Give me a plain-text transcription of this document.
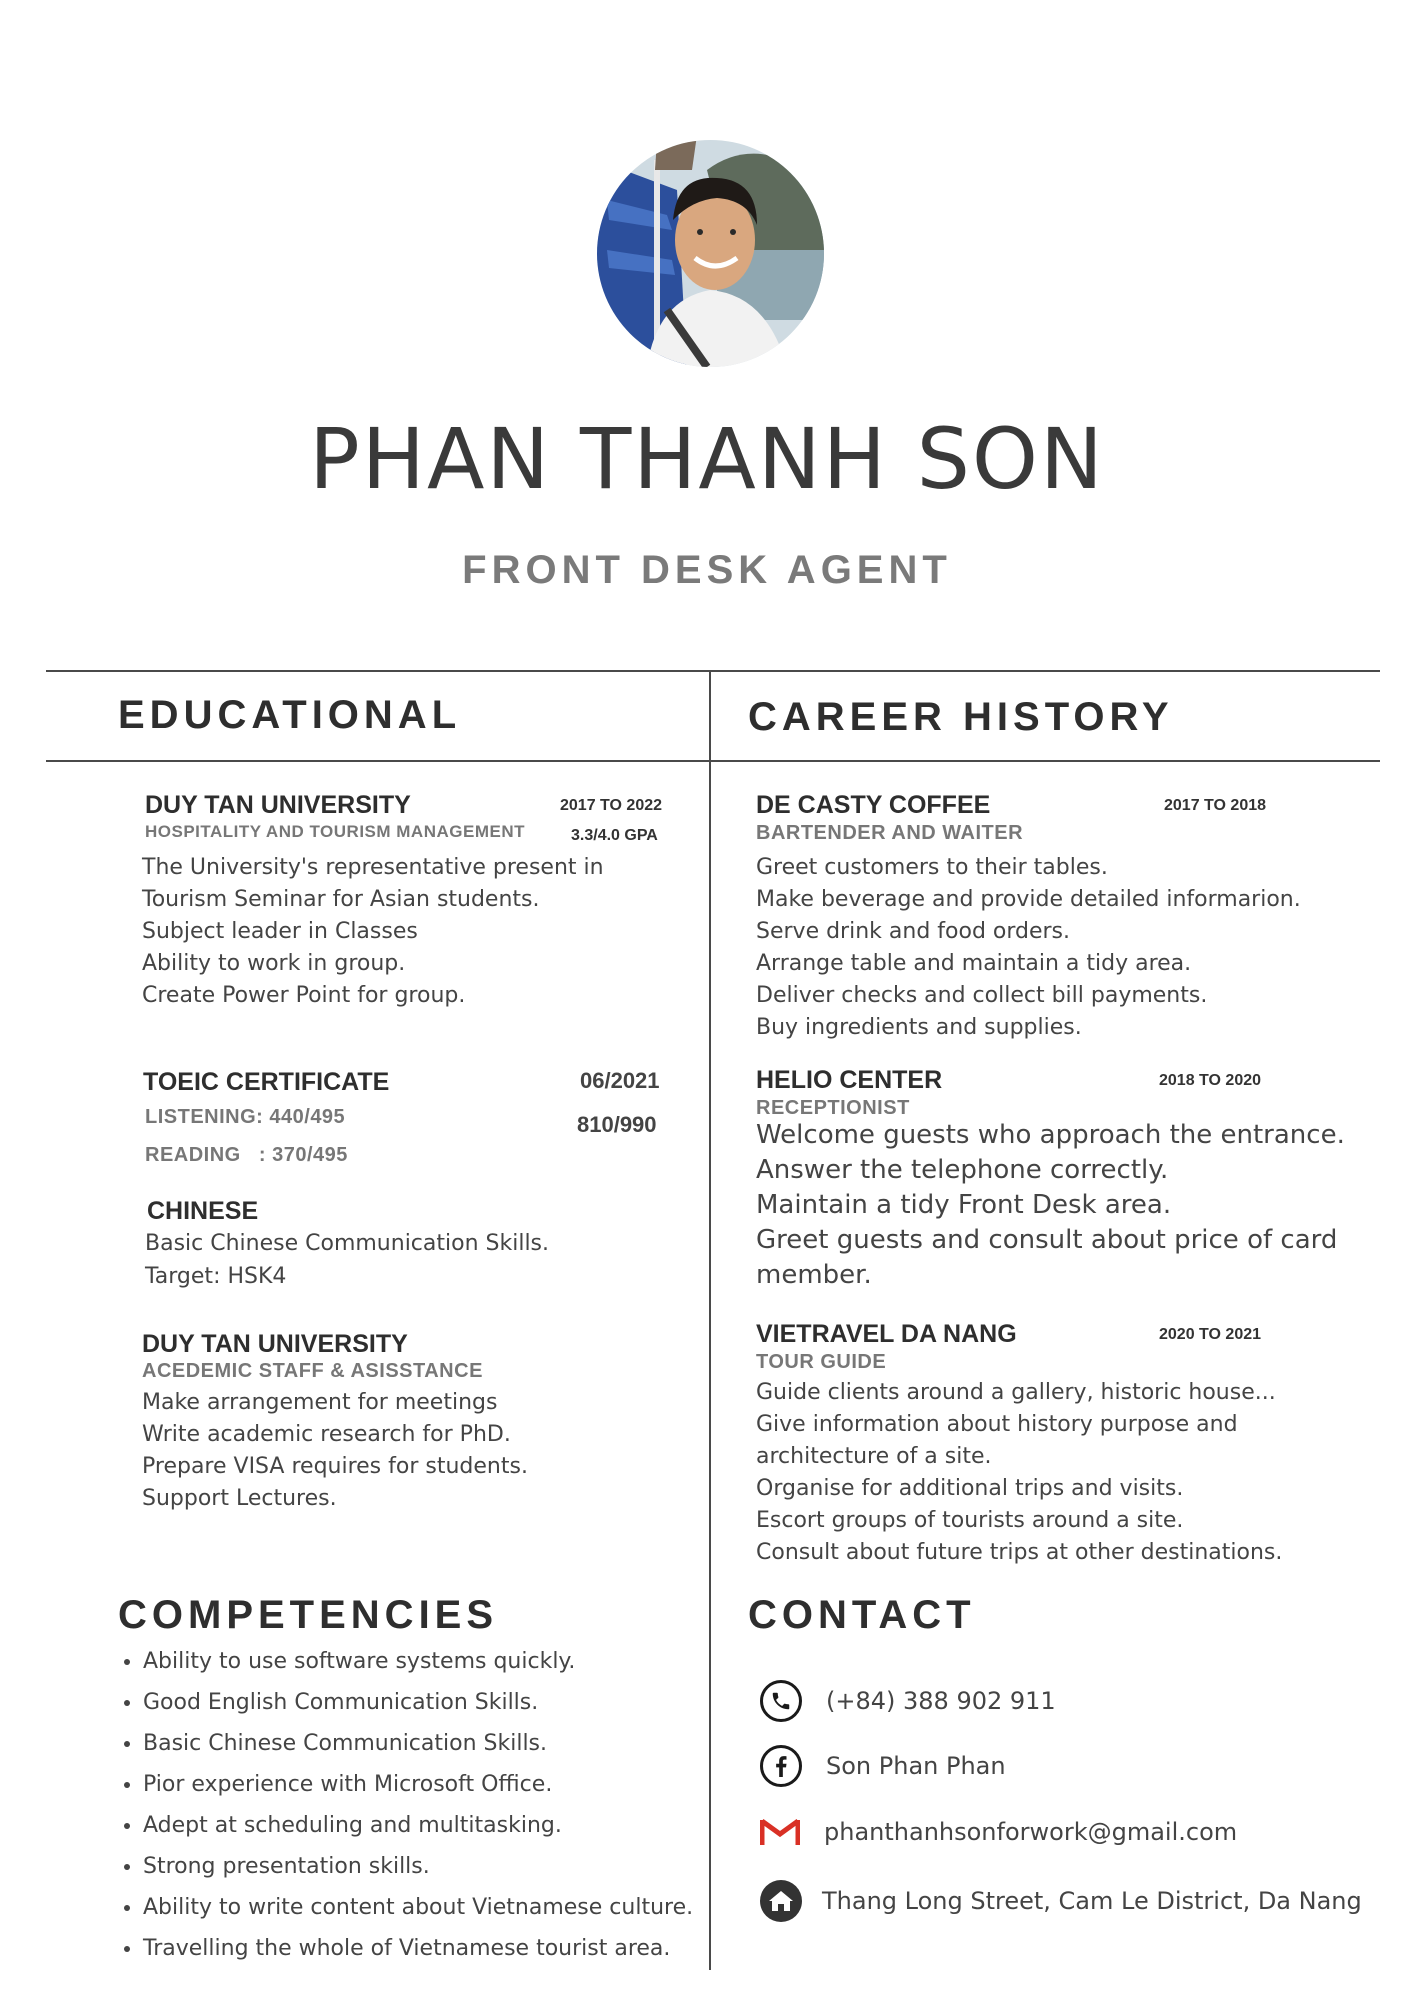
PHAN THANH SON
FRONT DESK AGENT
EDUCATIONAL	CAREER HISTORY
DUY TAN UNIVERSITY	2017 TO 2022
HOSPITALITY AND TOURISM MANAGEMENT	3.3/4.0 GPA
The University's representative present in
Tourism Seminar for Asian students.
Subject leader in Classes
Ability to work in group.
Create Power Point for group.
TOEIC CERTIFICATE	06/2021
LISTENING: 440/495	810/990
READING   : 370/495
CHINESE
Basic Chinese Communication Skills.
Target: HSK4
DUY TAN UNIVERSITY
ACEDEMIC STAFF & ASISSTANCE
Make arrangement for meetings
Write academic research for PhD.
Prepare VISA requires for students.
Support Lectures.
DE CASTY COFFEE	2017 TO 2018
BARTENDER AND WAITER
Greet customers to their tables.
Make beverage and provide detailed informarion.
Serve drink and food orders.
Arrange table and maintain a tidy area.
Deliver checks and collect bill payments.
Buy ingredients and supplies.
HELIO CENTER	2018 TO 2020
RECEPTIONIST
Welcome guests who approach the entrance.
Answer the telephone correctly.
Maintain a tidy Front Desk area.
Greet guests and consult about price of card
member.
VIETRAVEL DA NANG	2020 TO 2021
TOUR GUIDE
Guide clients around a gallery, historic house...
Give information about history purpose and
architecture of a site.
Organise for additional trips and visits.
Escort groups of tourists around a site.
Consult about future trips at other destinations.
COMPETENCIES
• Ability to use software systems quickly.
• Good English Communication Skills.
• Basic Chinese Communication Skills.
• Pior experience with Microsoft Office.
• Adept at scheduling and multitasking.
• Strong presentation skills.
• Ability to write content about Vietnamese culture.
• Travelling the whole of Vietnamese tourist area.
CONTACT
(+84) 388 902 911
Son Phan Phan
phanthanhsonforwork@gmail.com
Thang Long Street, Cam Le District, Da Nang
